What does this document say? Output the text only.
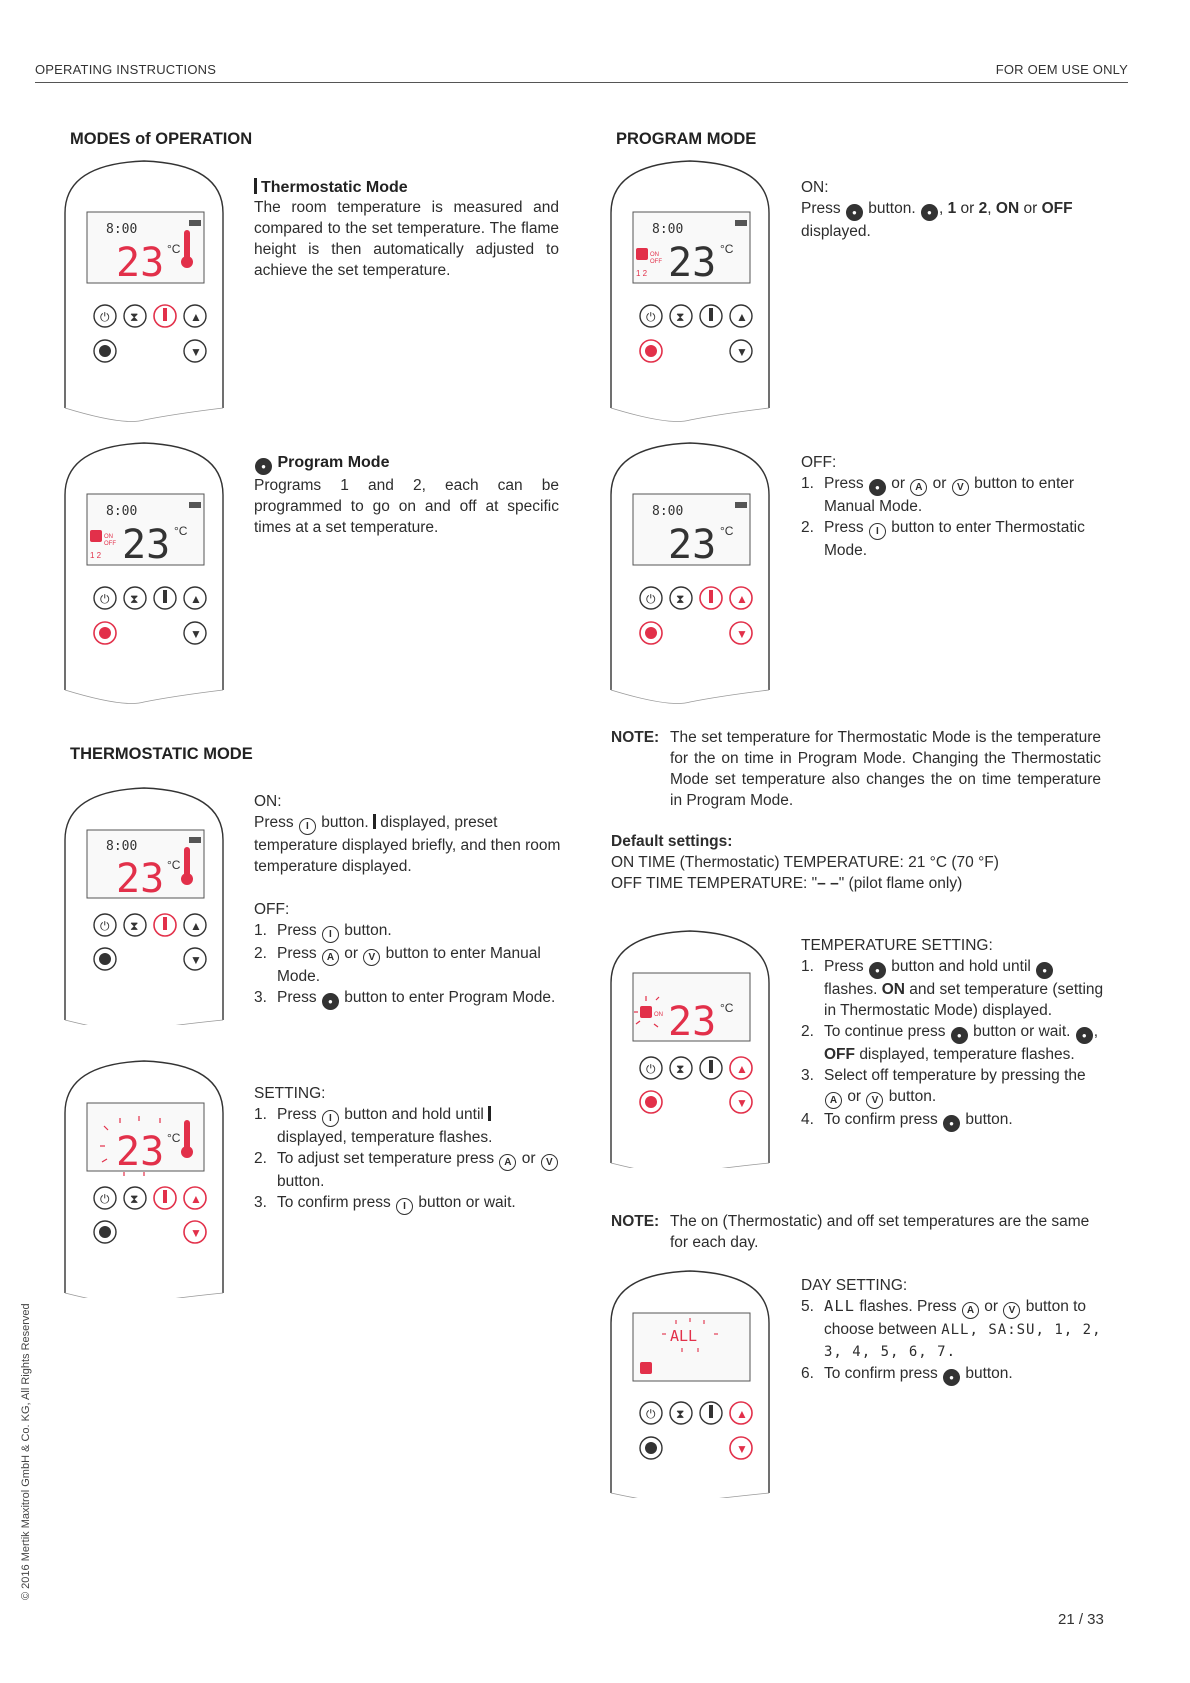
OPERATING INSTRUCTIONS	FOR OEM USE ONLY
MODES of OPERATION
8:00
23 °C
⏻ ⧗	▲
▼
Thermostatic Mode
The room temperature is measured and compared to the set temperature. The flame height is then automatically adjusted to achieve the set temperature.
8:00
ON
OFF
1 2 23 °C
⏻ ⧗	▲
▼
● Program Mode
Programs 1 and 2, each can be programmed to go on and off at specific times at a set temperature.
THERMOSTATIC MODE
8:00
23 °C
⏻ ⧗	▲
▼

ON:

Press I button. displayed, preset temperature displayed briefly, and then room temperature displayed.

OFF:

1. Press I button.
2. Press A or V button to enter Manual Mode.
3. Press ● button to enter Program Mode.
23 °C
⏻ ⧗	▲
▼

SETTING:

1. Press I button and hold until  displayed, temperature flashes.
2. To adjust set temperature press A or V button.
3. To confirm press I button or wait.
PROGRAM MODE
8:00
ON
OFF
1 2 23 °C
⏻ ⧗	▲
▼

ON:

Press ● button. ● , 1 or 2, ON or OFF displayed.

8:00
23 °C
⏻ ⧗	▲
▼

OFF:

1. Press ● or A or V button to enter Manual Mode.
2. Press I button to enter Thermostatic Mode.
NOTE: The set temperature for Thermostatic Mode is the temperature for the on time in Program Mode. Changing the Thermostatic Mode set temperature also changes the on time temperature in Program Mode.

Default settings:

ON TIME (Thermostatic) TEMPERATURE: 21 °C (70 °F)

OFF TIME TEMPERATURE: "– –" (pilot flame only)

23 °C
ON
⏻ ⧗	▲
▼

TEMPERATURE SETTING:

1. Press ● button and hold until ● flashes. ON and set temperature (setting in Thermostatic Mode) displayed.
2. To continue press ● button or wait. ● , OFF displayed, temperature flashes.
3. Select off temperature by pressing the A or V button.
4. To confirm press ● button.
NOTE: The on (Thermostatic) and off set temperatures are the same for each day.
ALL
⏻ ⧗	▲
▼

DAY SETTING:

5. ALL flashes. Press A or V button to choose between ALL, SA:SU, 1, 2, 3, 4, 5, 6, 7.
6. To confirm press ● button.
© 2016 Mertik Maxitrol GmbH & Co. KG, All Rights Reserved
21 / 33
